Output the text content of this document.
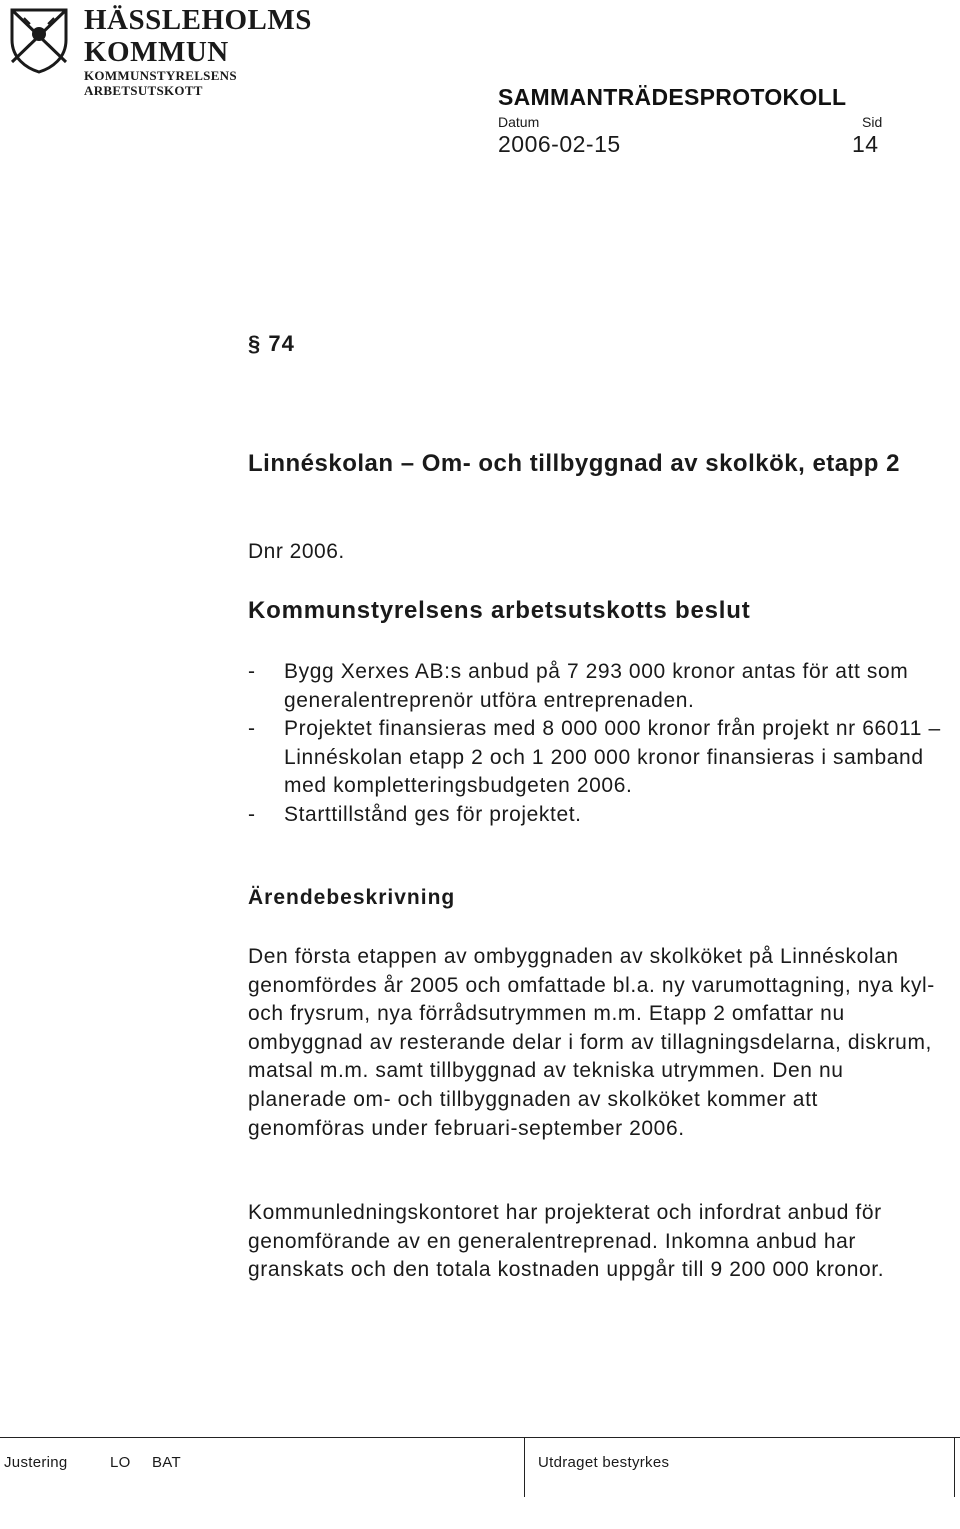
HÄSSLEHOLMS
KOMMUN
KOMMUNSTYRELSENS
ARBETSUTSKOTT	SAMMANTRÄDESPROTOKOLL
Datum	Sid
2006-02-15	14
§ 74
Linnéskolan – Om- och tillbyggnad av skolkök, etapp 2
Dnr 2006.
Kommunstyrelsens arbetsutskotts beslut
- Bygg Xerxes AB:s anbud på 7 293 000 kronor antas för att som generalentreprenör utföra entreprenaden.
- Projektet finansieras med 8 000 000 kronor från projekt nr 66011 – Linnéskolan etapp 2 och 1 200 000 kronor finansieras i samband med kompletteringsbudgeten 2006.
- Starttillstånd ges för projektet.
Ärendebeskrivning
Den första etappen av ombyggnaden av skolköket på Linnéskolan genomfördes år 2005 och omfattade bl.a. ny varumottagning, nya kyl- och frysrum, nya förrådsutrymmen m.m. Etapp 2 omfattar nu ombyggnad av resterande delar i form av tillagningsdelarna, diskrum, matsal m.m. samt tillbyggnad av tekniska utrymmen. Den nu planerade om- och tillbyggnaden av skolköket kommer att genomföras under februari-september 2006.
Kommunledningskontoret har projekterat och infordrat anbud för genomförande av en generalentreprenad. Inkomna anbud har granskats och den totala kostnaden uppgår till 9 200 000 kronor.
Justering	LO BAT	Utdraget bestyrkes
